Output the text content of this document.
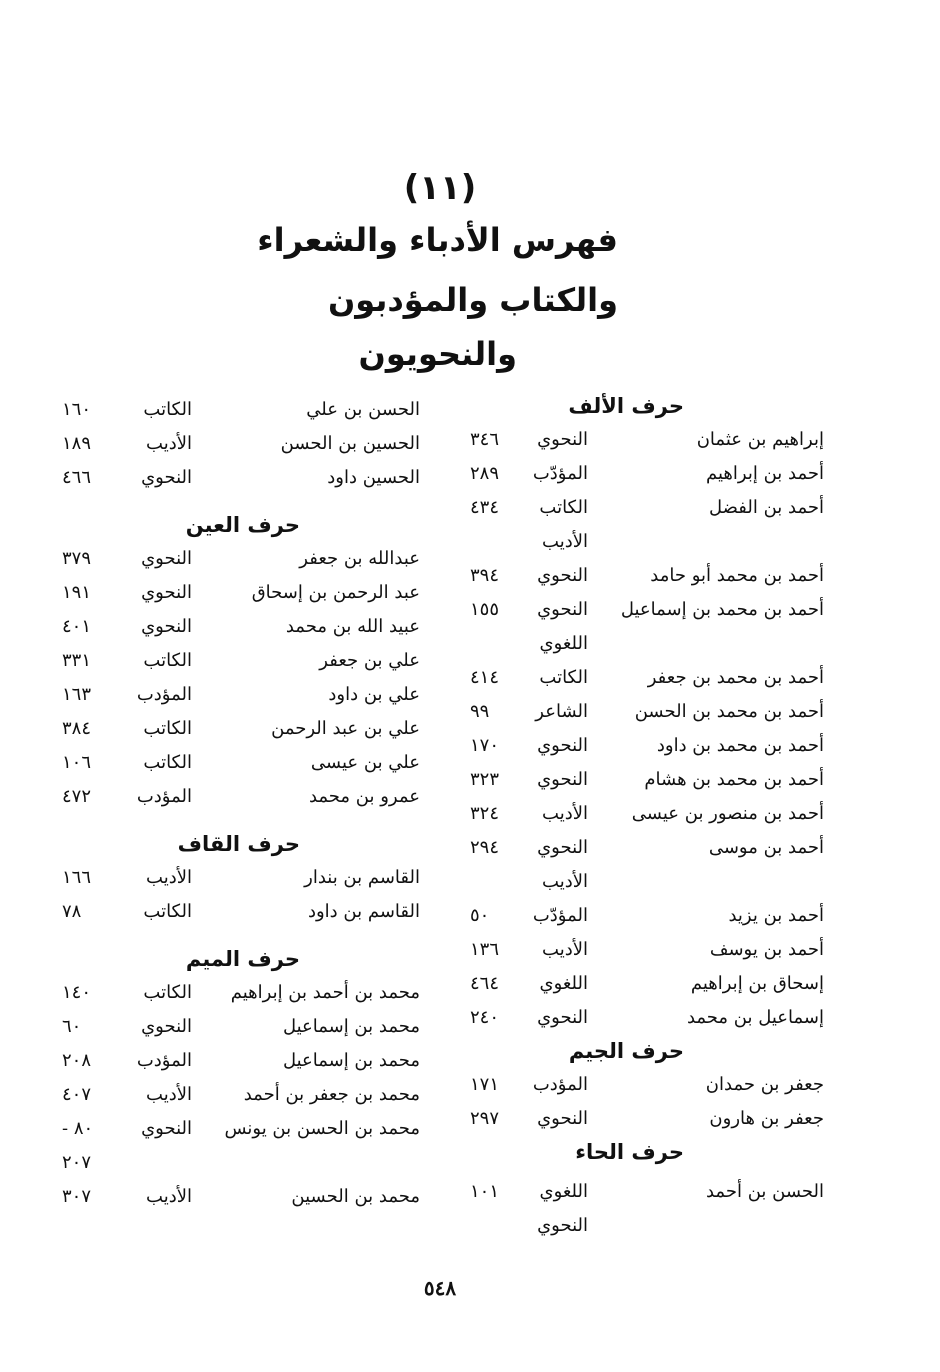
(١١)
فهرس الأدباء والشعراء
والكتاب والمؤدبون
والنحويون
حرف الألف
إبراهيم بن عثمان
النحوي
٣٤٦
أحمد بن إبراهيم
المؤدّب
٢٨٩
أحمد بن الفضل
الكاتب
٤٣٤
الأديب
أحمد بن محمد أبو حامد
النحوي
٣٩٤
أحمد بن محمد بن إسماعيل
النحوي
١٥٥
اللغوي
أحمد بن محمد بن جعفر
الكاتب
٤١٤
أحمد بن محمد بن الحسن
الشاعر
٩٩
أحمد بن محمد بن داود
النحوي
١٧٠
أحمد بن محمد بن هشام
النحوي
٣٢٣
أحمد بن منصور بن عيسى
الأديب
٣٢٤
أحمد بن موسى
النحوي
٢٩٤
الأديب
أحمد بن يزيد
المؤدّب
٥٠
أحمد بن يوسف
الأديب
١٣٦
إسحاق بن إبراهيم
اللغوي
٤٦٤
إسماعيل بن محمد
النحوي
٢٤٠
حرف الجيم
جعفر بن حمدان
المؤدب
١٧١
جعفر بن هارون
النحوي
٢٩٧
حرف الحاء
الحسن بن أحمد
اللغوي
١٠١
النحوي
الحسن بن علي
الكاتب
١٦٠
الحسين بن الحسن
الأديب
١٨٩
الحسين داود
النحوي
٤٦٦
حرف العين
عبدالله بن جعفر
النحوي
٣٧٩
عبد الرحمن بن إسحاق
النحوي
١٩١
عبيد الله بن محمد
النحوي
٤٠١
علي بن جعفر
الكاتب
٣٣١
علي بن داود
المؤدب
١٦٣
علي بن عبد الرحمن
الكاتب
٣٨٤
علي بن عيسى
الكاتب
١٠٦
عمرو بن محمد
المؤدب
٤٧٢
حرف القاف
القاسم بن بندار
الأديب
١٦٦
القاسم بن داود
الكاتب
٧٨
حرف الميم
محمد بن أحمد بن إبراهيم
الكاتب
١٤٠
محمد بن إسماعيل
النحوي
٦٠
محمد بن إسماعيل
المؤدب
٢٠٨
محمد بن جعفر بن أحمد
الأديب
٤٠٧
محمد بن الحسن بن يونس
النحوي
٨٠ -
٢٠٧
محمد بن الحسين
الأديب
٣٠٧
٥٤٨
